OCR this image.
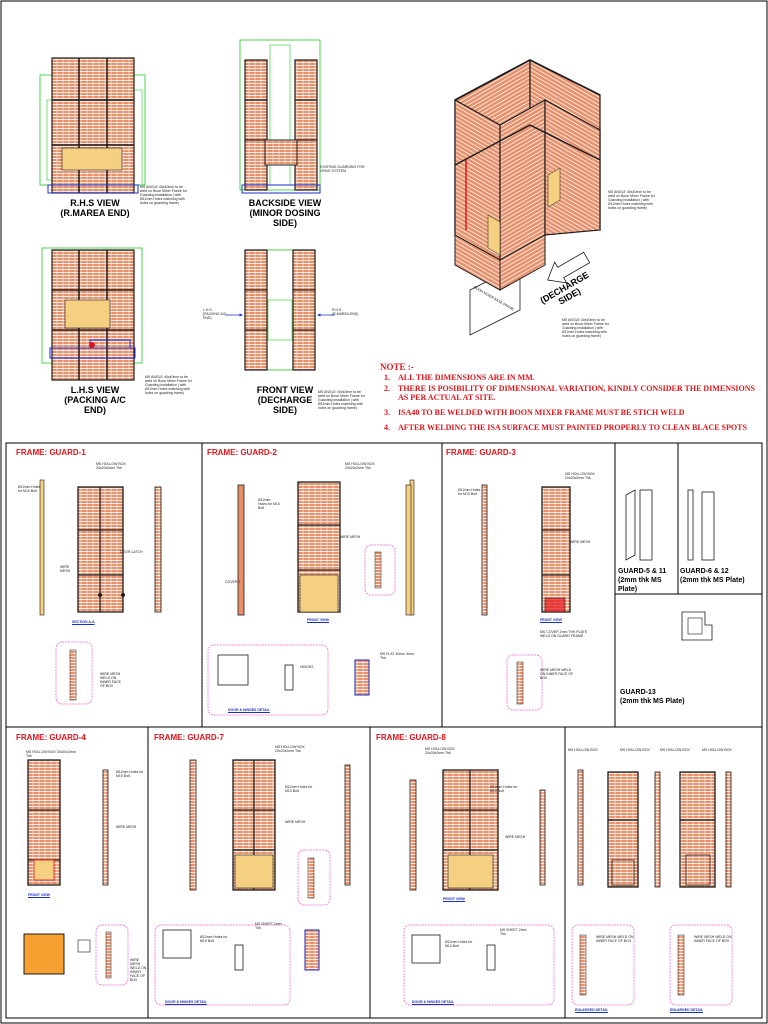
R.H.S VIEW
(R.MAREA END)
BACKSIDE VIEW
(MINOR DOSING SIDE)
L.H.S VIEW
(PACKING A/C END)
FRONT VIEW
(DECHARGE SIDE)
(DECHARGE SIDE)
EXISTING GUARDING FOR DRIVE SYSTEM
MS ANGLE 40x40mm to be weld on Boon Mixer Frame for Guarding installation | with Ø12mm Holes matching with holes on guarding frame)
MS ANGLE 40x40mm to be weld on Boon Mixer Frame for Guarding installation | with Ø12mm Holes matching with holes on guarding frame)	MS ANGLE 40x40mm to be weld on Boon Mixer Frame for Guarding installation | with Ø12mm Holes matching with holes on guarding frame)
MS ANGLE 40x40mm to be weld on Boon Mixer Frame for Guarding installation | with Ø12mm Holes matching with holes on guarding frame)
MS ANGLE 40x40mm to be weld on Boon Mixer Frame for Guarding installation | with Ø12mm Holes matching with holes on guarding frame)
L.H.S
(PACKING A/C END)
R.H.S
(R.MAREA END)
BOON MIXER BASE FRAME
NOTE :-
1.	ALL THE DIMENSIONS ARE IN MM.
2.	THERE IS POSIBILITY OF DIMENSIONAL VARIATION, KINDLY CONSIDER THE DIMENSIONS AS PER ACTUAL AT SITE.
3.	ISA40 TO BE WELDED WITH BOON MIXER FRAME MUST BE STICH WELD
4.	AFTER WELDING THE ISA SURFACE MUST PAINTED PROPERLY TO CLEAN BLACE SPOTS
FRAME: GUARD-1	FRAME: GUARD-2	FRAME: GUARD-3
FRAME: GUARD-4	FRAME: GUARD-7	FRAME: GUARD-8
GUARD-5 & 11
(2mm thk MS Plate)
GUARD-6 & 12
(2mm thk MS Plate)
GUARD-13
(2mm thk MS Plate)
MS HOLLOW BOX 20x20x2mm Thk
Ø12mm Holes for M10 Bolt
DOOR LATCH
WIRE MESH
WIRE MESH WELD ON INNER FACE OF BOX
MS HOLLOW BOX 20x20x2mm Thk
Ø12mm Holes for M10 Bolt
WIRE MESH
COVER-1
HINGES
MS FLAT 40mm 3mm Thk
MS HOLLOW BOX 20x20x2mm Thk
Ø12mm Holes for M10 Bolt
WIRE MESH
MS COVER 2mm THK PLATE WELD ON GUARD FRAME
WIRE MESH WELD ON INNER FACE OF BOX
MS HOLLOW BOX 20x20x2mm Thk
Ø12mm Holes for M10 Bolt
WIRE MESH
WIRE MESH WELD ON INNER FACE OF BOX
MS HOLLOW BOX 20x20x2mm Thk
Ø12mm Holes for M10 Bolt
WIRE MESH
Ø12mm Holes for M10 Bolt
MS SHEET 2mm Thk
MS HOLLOW BOX 20x20x2mm Thk
Ø12mm Holes for M10 Bolt
WIRE MESH
Ø12mm Holes for M10 Bolt
MS SHEET 2mm Thk
MS HOLLOW BOX	MS HOLLOW BOX	MS HOLLOW BOX	MS HOLLOW BOX
WIRE MESH WELD ON INNER FACE OF BOX
WIRE MESH WELD ON INNER FACE OF BOX
SECTION A-A	FRONT VIEW
DOOR & HINGES DETAIL
FRONT VIEW
FRONT VIEW
DOOR & HINGES DETAIL
FRONT VIEW
DOOR & HINGES DETAIL
ENLARGED DETAIL	ENLARGED DETAIL
